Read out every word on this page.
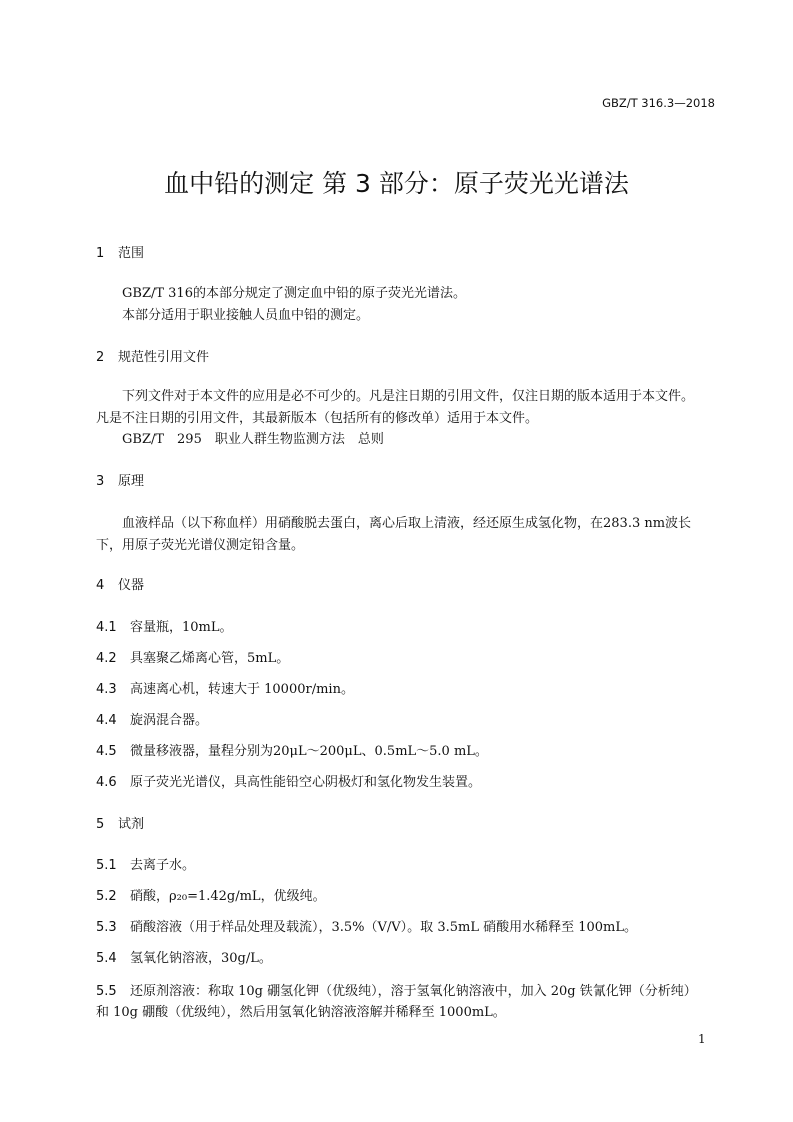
GBZ/T 316.3—2018
血中铅的测定 第 3 部分：原子荧光光谱法
1 范围
GBZ/T 316的本部分规定了测定血中铅的原子荧光光谱法。
本部分适用于职业接触人员血中铅的测定。
2 规范性引用文件
下列文件对于本文件的应用是必不可少的。凡是注日期的引用文件，仅注日期的版本适用于本文件。
凡是不注日期的引用文件，其最新版本（包括所有的修改单）适用于本文件。
GBZ/T　295　职业人群生物监测方法　总则
3 原理
血液样品（以下称血样）用硝酸脱去蛋白，离心后取上清液，经还原生成氢化物，在283.3 nm波长
下，用原子荧光光谱仪测定铅含量。
4 仪器
4.1 容量瓶，10mL。
4.2 具塞聚乙烯离心管，5mL。
4.3 高速离心机，转速大于 10000r/min。
4.4 旋涡混合器。
4.5 微量移液器，量程分别为20μL～200μL、0.5mL～5.0 mL。
4.6 原子荧光光谱仪，具高性能铅空心阴极灯和氢化物发生装置。
5 试剂
5.1 去离子水。
5.2 硝酸，ρ₂₀=1.42g/mL，优级纯。
5.3 硝酸溶液（用于样品处理及载流），3.5%（V/V）。取 3.5mL 硝酸用水稀释至 100mL。
5.4 氢氧化钠溶液，30g/L。
5.5 还原剂溶液：称取 10g 硼氢化钾（优级纯），溶于氢氧化钠溶液中，加入 20g 铁氰化钾（分析纯）
和 10g 硼酸（优级纯），然后用氢氧化钠溶液溶解并稀释至 1000mL。
1
